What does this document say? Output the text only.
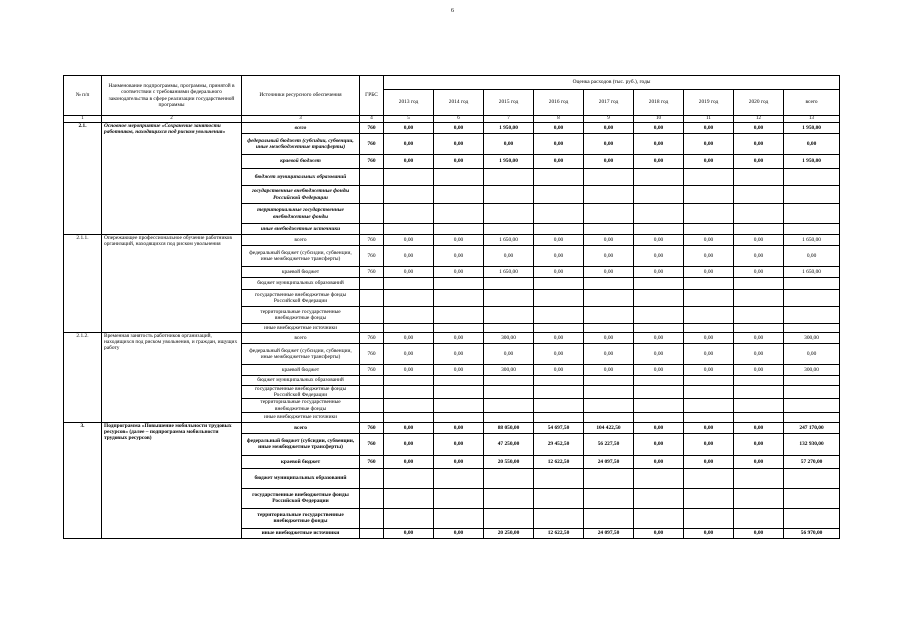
6
№ п/п	Наименование подпрограммы, программы, принятой в соответствии с требованиями федерального законодательства в сфере реализации государственной программы	Источники ресурсного обеспечения	ГРБС	Оценка расходов (тыс. руб.), годы								
				2013 год	2014 год	2015 год	2016 год	2017 год	2018 год	2019 год	2020 год	всего
1	2	3	4	5	6	7	8	9	10	11	12	13
2.1.	Основное мероприятие «Сохранение занятости работников, находящихся под риском увольнения»	всего	760	0,00	0,00	1 950,00	0,00	0,00	0,00	0,00	0,00	1 950,00
		федеральный бюджет (субсидии, субвенции, иные межбюджетные трансферты)	760	0,00	0,00	0,00	0,00	0,00	0,00	0,00	0,00	0,00
		краевой бюджет	760	0,00	0,00	1 950,00	0,00	0,00	0,00	0,00	0,00	1 950,00
		бюджет муниципальных образований										
		государственные внебюджетные фонды Российской Федерации										
		территориальные государственные внебюджетные фонды										
		иные внебюджетные источники										
2.1.1.	Опережающее профессиональное обучение работников организаций, находящихся под риском увольнения	всего	760	0,00	0,00	1 650,00	0,00	0,00	0,00	0,00	0,00	1 650,00
		федеральный бюджет (субсидии, субвенции, иные межбюджетные трансферты)	760	0,00	0,00	0,00	0,00	0,00	0,00	0,00	0,00	0,00
		краевой бюджет	760	0,00	0,00	1 650,00	0,00	0,00	0,00	0,00	0,00	1 650,00
		бюджет муниципальных образований										
		государственные внебюджетные фонды Российской Федерации										
		территориальные государственные внебюджетные фонды										
		иные внебюджетные источники										
2.1.2.	Временная занятость работников организаций, находящихся под риском увольнения, и граждан, ищущих работу	всего	760	0,00	0,00	300,00	0,00	0,00	0,00	0,00	0,00	300,00
		федеральный бюджет (субсидии, субвенции, иные межбюджетные трансферты)	760	0,00	0,00	0,00	0,00	0,00	0,00	0,00	0,00	0,00
		краевой бюджет	760	0,00	0,00	300,00	0,00	0,00	0,00	0,00	0,00	300,00
		бюджет муниципальных образований										
		государственные внебюджетные фонды Российской Федерации										
		территориальные государственные внебюджетные фонды										
		иные внебюджетные источники										
3.	Подпрограмма «Повышение мобильности трудовых ресурсов» (далее – подпрограмма мобильности трудовых ресурсов)	всего	760	0,00	0,00	88 050,00	54 697,50	104 422,50	0,00	0,00	0,00	247 170,00
		федеральный бюджет (субсидии, субвенции, иные межбюджетные трансферты)	760	0,00	0,00	47 250,00	29 452,50	56 227,50	0,00	0,00	0,00	132 930,00
		краевой бюджет	760	0,00	0,00	20 550,00	12 622,50	24 097,50	0,00	0,00	0,00	57 270,00
		бюджет муниципальных образований										
		государственные внебюджетные фонды Российской Федерации										
		территориальные государственные внебюджетные фонды										
		иные внебюджетные источники		0,00	0,00	20 250,00	12 622,50	24 097,50	0,00	0,00	0,00	56 970,00
